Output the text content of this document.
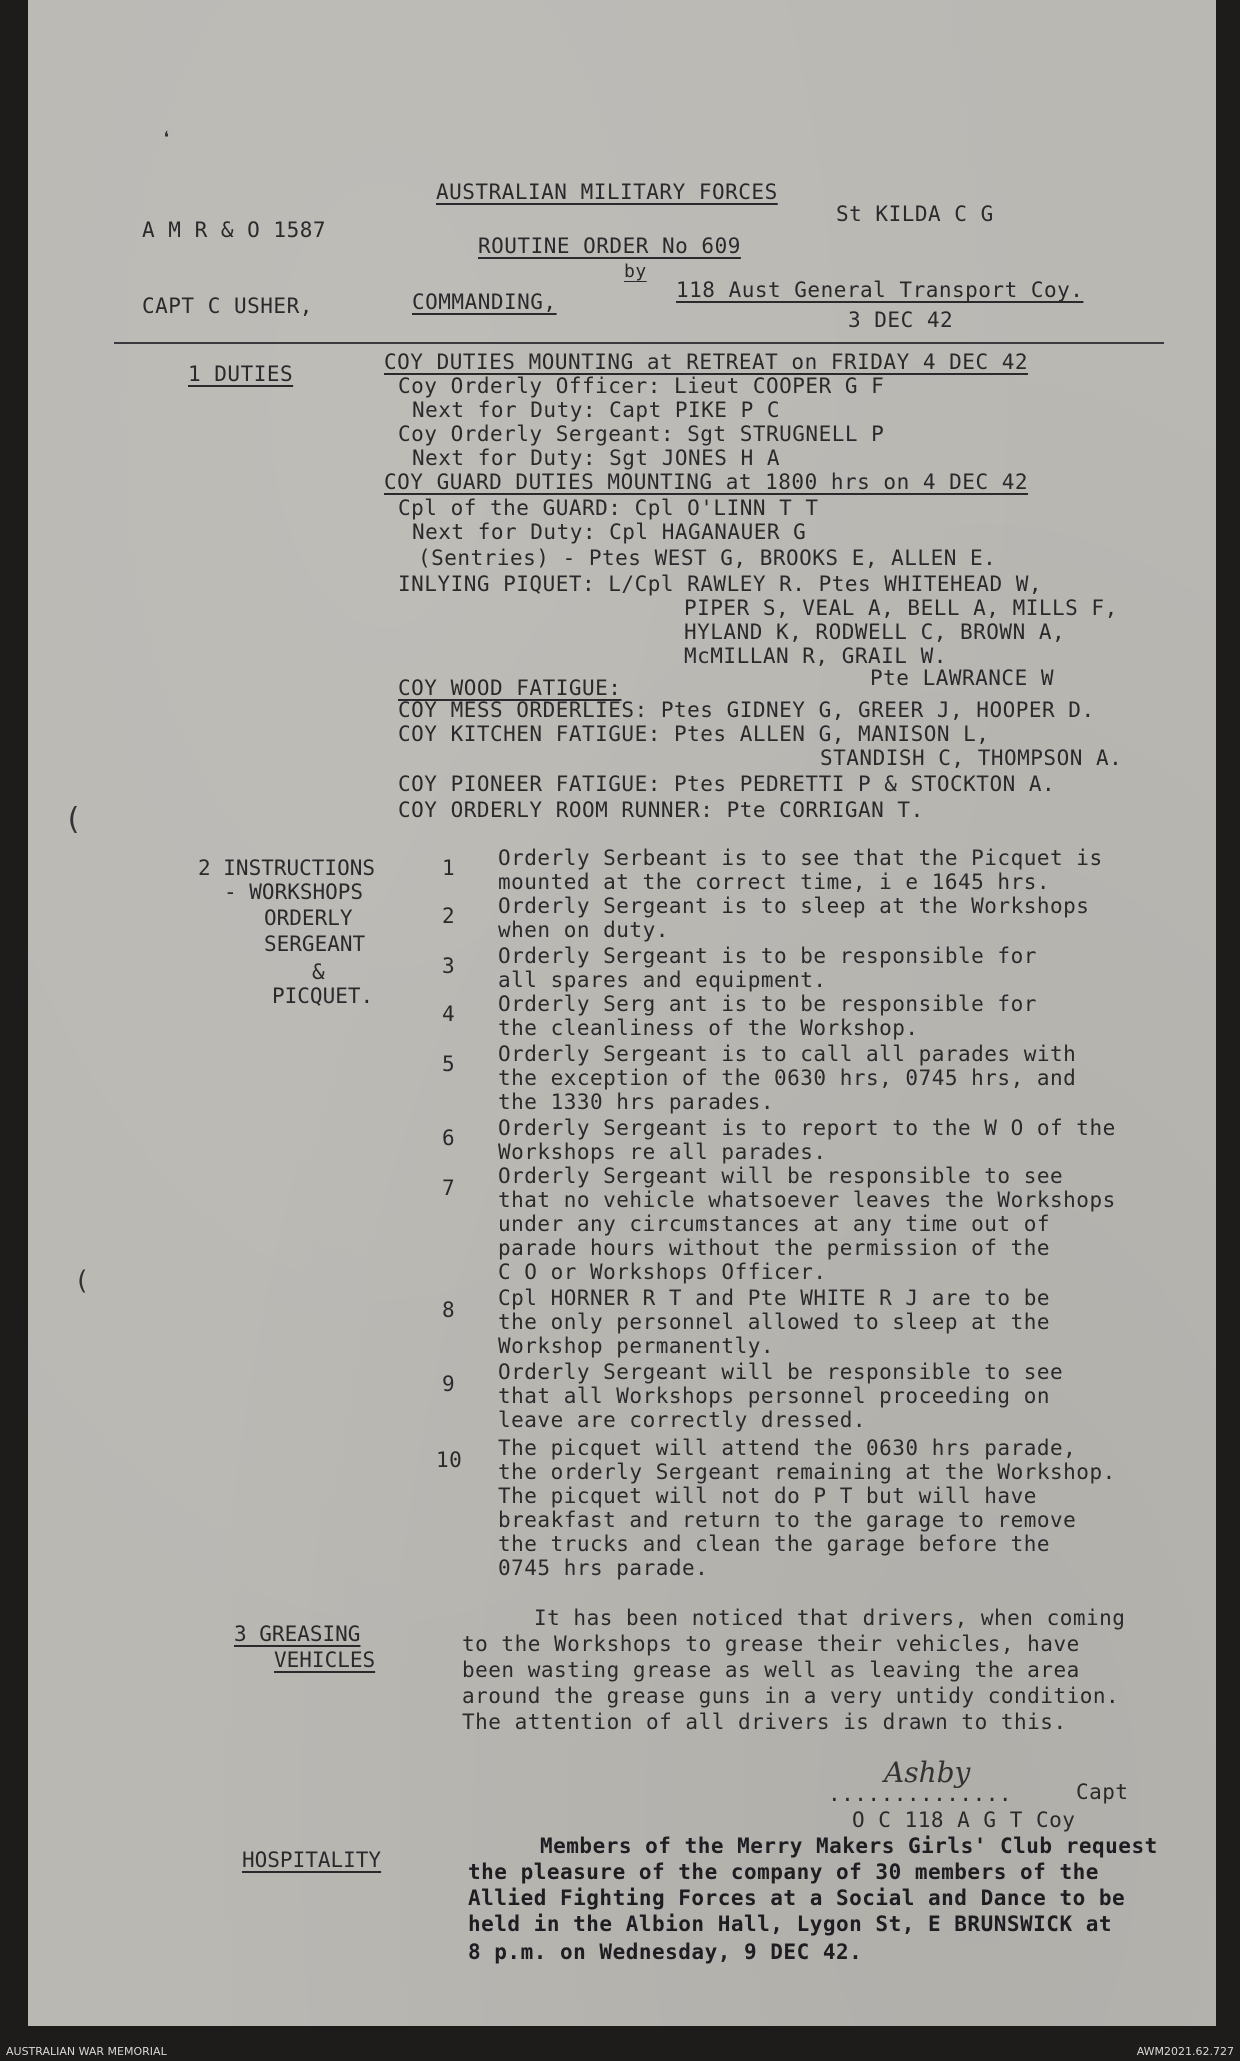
❛
(
(
A M R & O 1587
AUSTRALIAN MILITARY FORCES
St KILDA C G
ROUTINE ORDER No 609
by
CAPT C USHER,	COMMANDING,	118 Aust General Transport Coy.
3 DEC 42
1 DUTIES	COY DUTIES MOUNTING at RETREAT on FRIDAY 4 DEC 42
Coy Orderly Officer: Lieut COOPER G F
Next for Duty: Capt PIKE P C
Coy Orderly Sergeant: Sgt STRUGNELL P
Next for Duty: Sgt JONES H A
COY GUARD DUTIES MOUNTING at 1800 hrs on 4 DEC 42
Cpl of the GUARD: Cpl O'LINN T T
Next for Duty: Cpl HAGANAUER G
(Sentries) - Ptes WEST G, BROOKS E, ALLEN E.
INLYING PIQUET: L/Cpl RAWLEY R. Ptes WHITEHEAD W,
PIPER S, VEAL A, BELL A, MILLS F,
HYLAND K, RODWELL C, BROWN A,
McMILLAN R, GRAIL W.
COY WOOD FATIGUE:	Pte LAWRANCE W
COY MESS ORDERLIES: Ptes GIDNEY G, GREER J, HOOPER D.
COY KITCHEN FATIGUE: Ptes ALLEN G, MANISON L,
STANDISH C, THOMPSON A.
COY PIONEER FATIGUE: Ptes PEDRETTI P & STOCKTON A.
COY ORDERLY ROOM RUNNER: Pte CORRIGAN T.
2 INSTRUCTIONS
- WORKSHOPS
ORDERLY
SERGEANT
&
PICQUET.
1 Orderly Serbeant is to see that the Picquet is
mounted at the correct time, i e 1645 hrs.
2 Orderly Sergeant is to sleep at the Workshops
when on duty.
3 Orderly Sergeant is to be responsible for
all spares and equipment.
4 Orderly Serg ant is to be responsible for
the cleanliness of the Workshop.
5 Orderly Sergeant is to call all parades with
the exception of the 0630 hrs, 0745 hrs, and
the 1330 hrs parades.
6 Orderly Sergeant is to report to the W O of the
Workshops re all parades.
7 Orderly Sergeant will be responsible to see
that no vehicle whatsoever leaves the Workshops
under any circumstances at any time out of
parade hours without the permission of the
C O or Workshops Officer.
8 Cpl HORNER R T and Pte WHITE R J are to be
the only personnel allowed to sleep at the
Workshop permanently.
9 Orderly Sergeant will be responsible to see
that all Workshops personnel proceeding on
leave are correctly dressed.
10 The picquet will attend the 0630 hrs parade,
the orderly Sergeant remaining at the Workshop.
The picquet will not do P T but will have
breakfast and return to the garage to remove
the trucks and clean the garage before the
0745 hrs parade.
3 GREASING
VEHICLES
It has been noticed that drivers, when coming
to the Workshops to grease their vehicles, have
been wasting grease as well as leaving the area
around the grease guns in a very untidy condition.
The attention of all drivers is drawn to this.
Ashby
..............	Capt
O C 118 A G T Coy
HOSPITALITY
Members of the Merry Makers Girls' Club request
the pleasure of the company of 30 members of the
Allied Fighting Forces at a Social and Dance to be
held in the Albion Hall, Lygon St, E BRUNSWICK at
8 p.m. on Wednesday, 9 DEC 42.
AUSTRALIAN WAR MEMORIAL	AWM2021.62.727
